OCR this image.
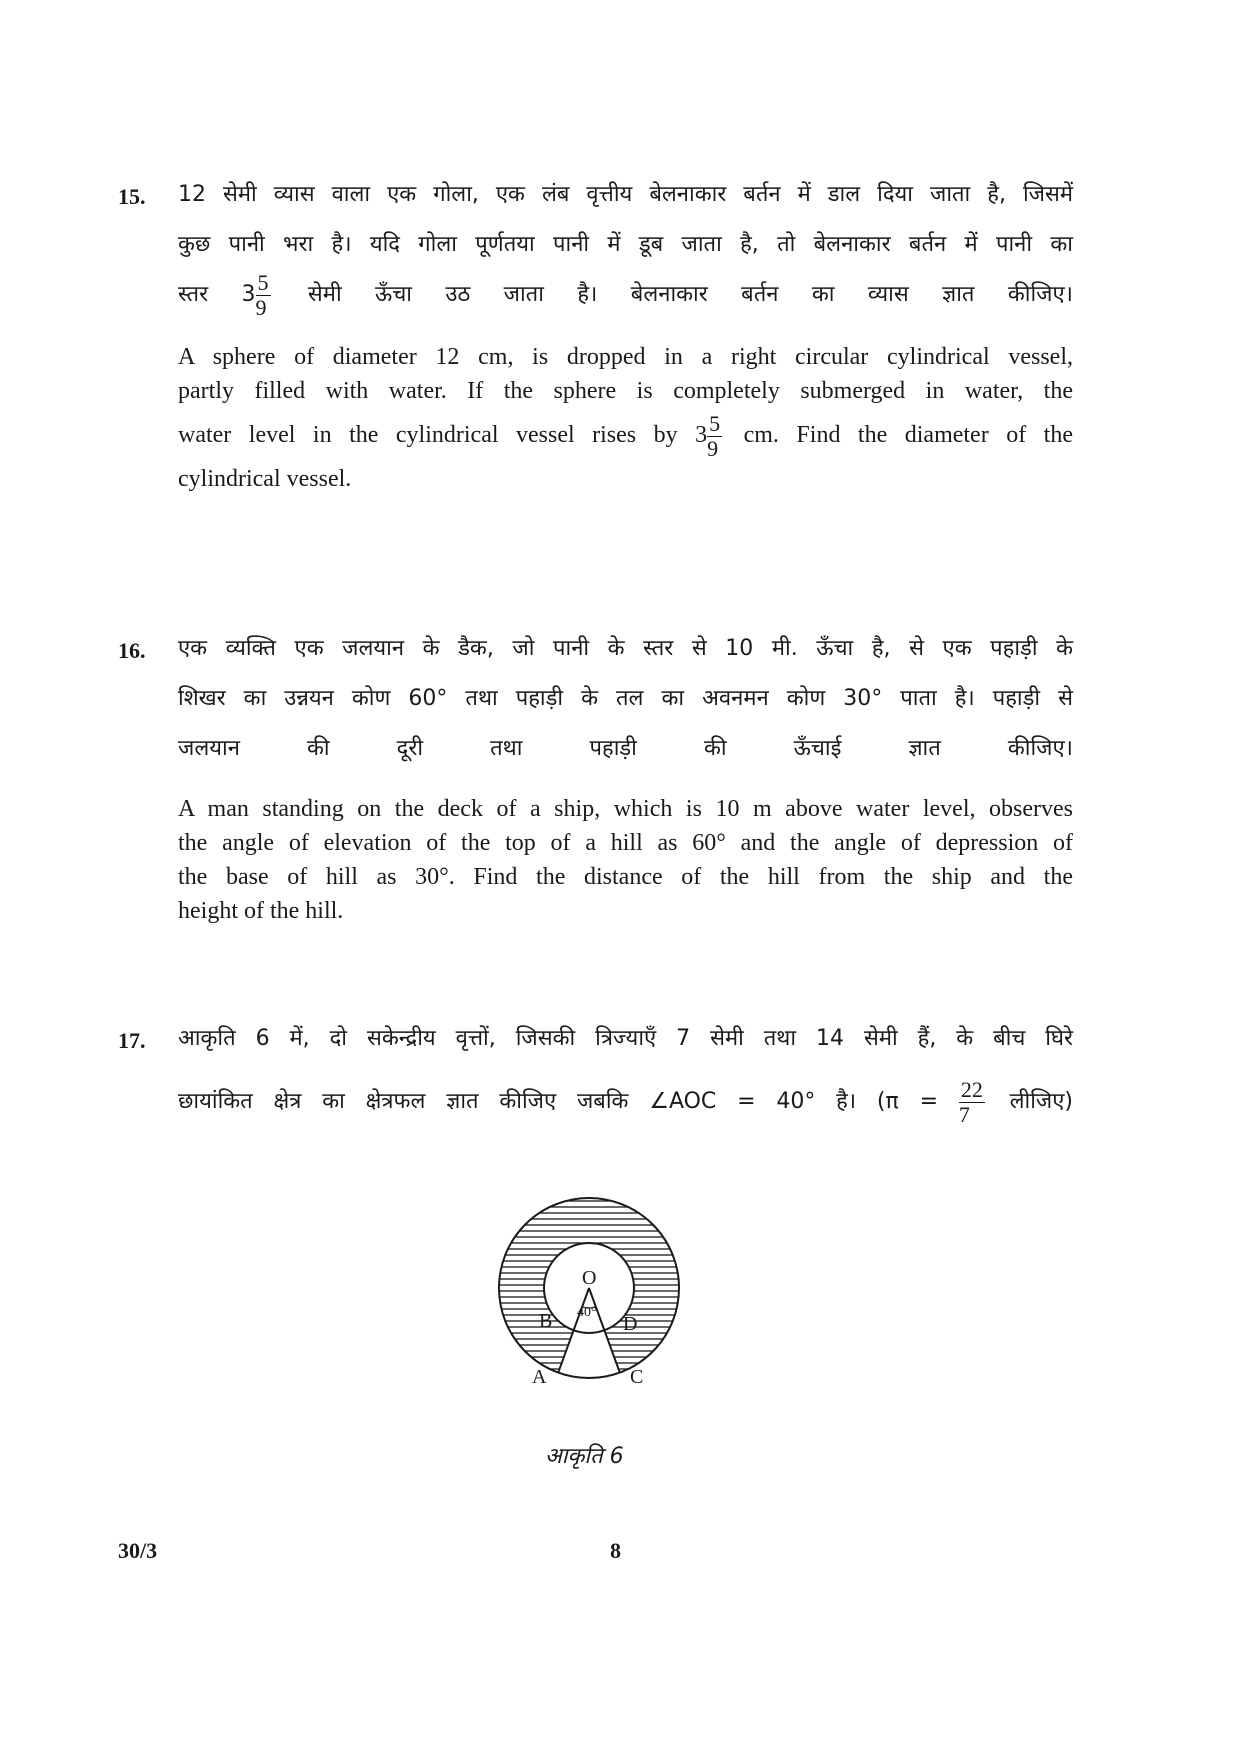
15. 12 सेमी व्यास वाला एक गोला, एक लंब वृत्तीय बेलनाकार बर्तन में डाल दिया जाता है, जिसमें
कुछ पानी भरा है। यदि गोला पूर्णतया पानी में डूब जाता है, तो बेलनाकार बर्तन में पानी का
स्तर $3 \frac{5}{9}$ सेमी ऊँचा उठ जाता है। बेलनाकार बर्तन का व्यास ज्ञात कीजिए।
A sphere of diameter 12 cm, is dropped in a right circular cylindrical vessel,
partly filled with water. If the sphere is completely submerged in water, the
water level in the cylindrical vessel rises by $3 \frac{5}{9}$ cm. Find the diameter of the
cylindrical vessel.
16. एक व्यक्ति एक जलयान के डैक, जो पानी के स्तर से 10 मी. ऊँचा है, से एक पहाड़ी के
शिखर का उन्नयन कोण 60° तथा पहाड़ी के तल का अवनमन कोण 30° पाता है। पहाड़ी से
जलयान की दूरी तथा पहाड़ी की ऊँचाई ज्ञात कीजिए।
A man standing on the deck of a ship, which is 10 m above water level, observes
the angle of elevation of the top of a hill as 60° and the angle of depression of
the base of hill as 30°. Find the distance of the hill from the ship and the
height of the hill.
17. आकृति 6 में, दो सकेन्द्रीय वृत्तों, जिसकी त्रिज्याएँ 7 सेमी तथा 14 सेमी हैं, के बीच घिरे
छायांकित क्षेत्र का क्षेत्रफल ज्ञात कीजिए जबकि ∠AOC = 40° है। ($\pi = \frac{22}{7}$ लीजिए)
O
40°
B	D
A	C
आकृति 6
30/3	8
